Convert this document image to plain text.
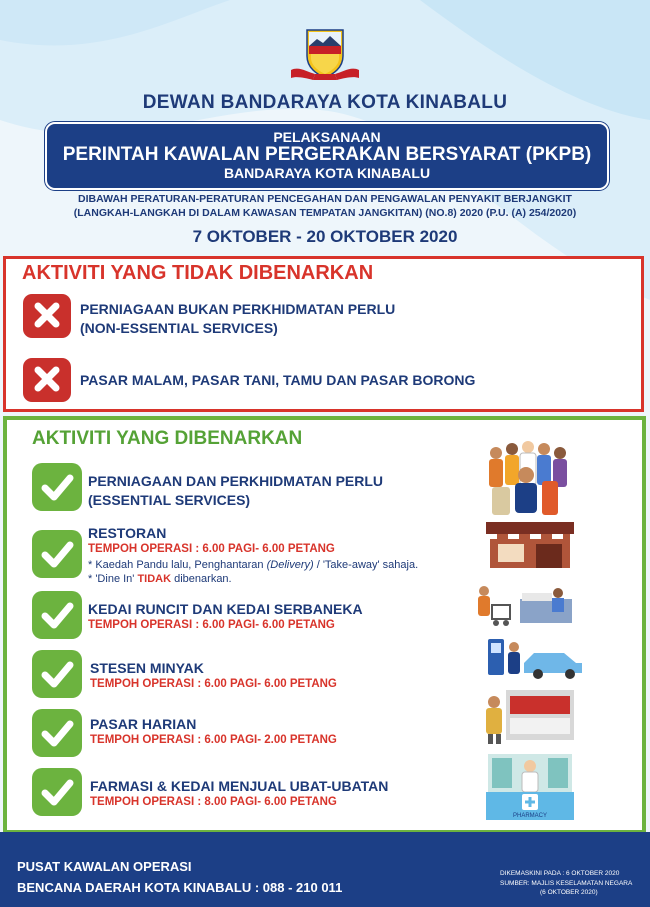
DEWAN BANDARAYA KOTA KINABALU
PELAKSANAAN
PERINTAH KAWALAN PERGERAKAN BERSYARAT (PKPB)
BANDARAYA KOTA KINABALU
DIBAWAH PERATURAN-PERATURAN PENCEGAHAN DAN PENGAWALAN PENYAKIT BERJANGKIT
(LANGKAH-LANGKAH DI DALAM KAWASAN TEMPATAN JANGKITAN) (NO.8) 2020 (P.U. (A) 254/2020)
7 OKTOBER - 20 OKTOBER 2020
AKTIVITI YANG TIDAK DIBENARKAN
PERNIAGAAN BUKAN PERKHIDMATAN PERLU
(NON-ESSENTIAL SERVICES)
PASAR MALAM, PASAR TANI, TAMU DAN PASAR BORONG
AKTIVITI YANG DIBENARKAN
PERNIAGAAN DAN PERKHIDMATAN PERLU
(ESSENTIAL SERVICES)
RESTORAN
TEMPOH OPERASI : 6.00 PAGI- 6.00 PETANG
* Kaedah Pandu lalu, Penghantaran (Delivery) / 'Take-away' sahaja.
* 'Dine In' TIDAK dibenarkan.
KEDAI RUNCIT DAN KEDAI SERBANEKA
TEMPOH OPERASI : 6.00 PAGI- 6.00 PETANG
STESEN MINYAK
TEMPOH OPERASI : 6.00 PAGI- 6.00 PETANG
PASAR HARIAN
TEMPOH OPERASI : 6.00 PAGI- 2.00 PETANG
FARMASI & KEDAI MENJUAL UBAT-UBATAN
TEMPOH OPERASI : 8.00 PAGI- 6.00 PETANG
PHARMACY
PUSAT KAWALAN OPERASI
BENCANA DAERAH KOTA KINABALU : 088 - 210 011
DIKEMASKINI PADA : 6 OKTOBER 2020
SUMBER: MAJLIS KESELAMATAN NEGARA
(6 OKTOBER 2020)
